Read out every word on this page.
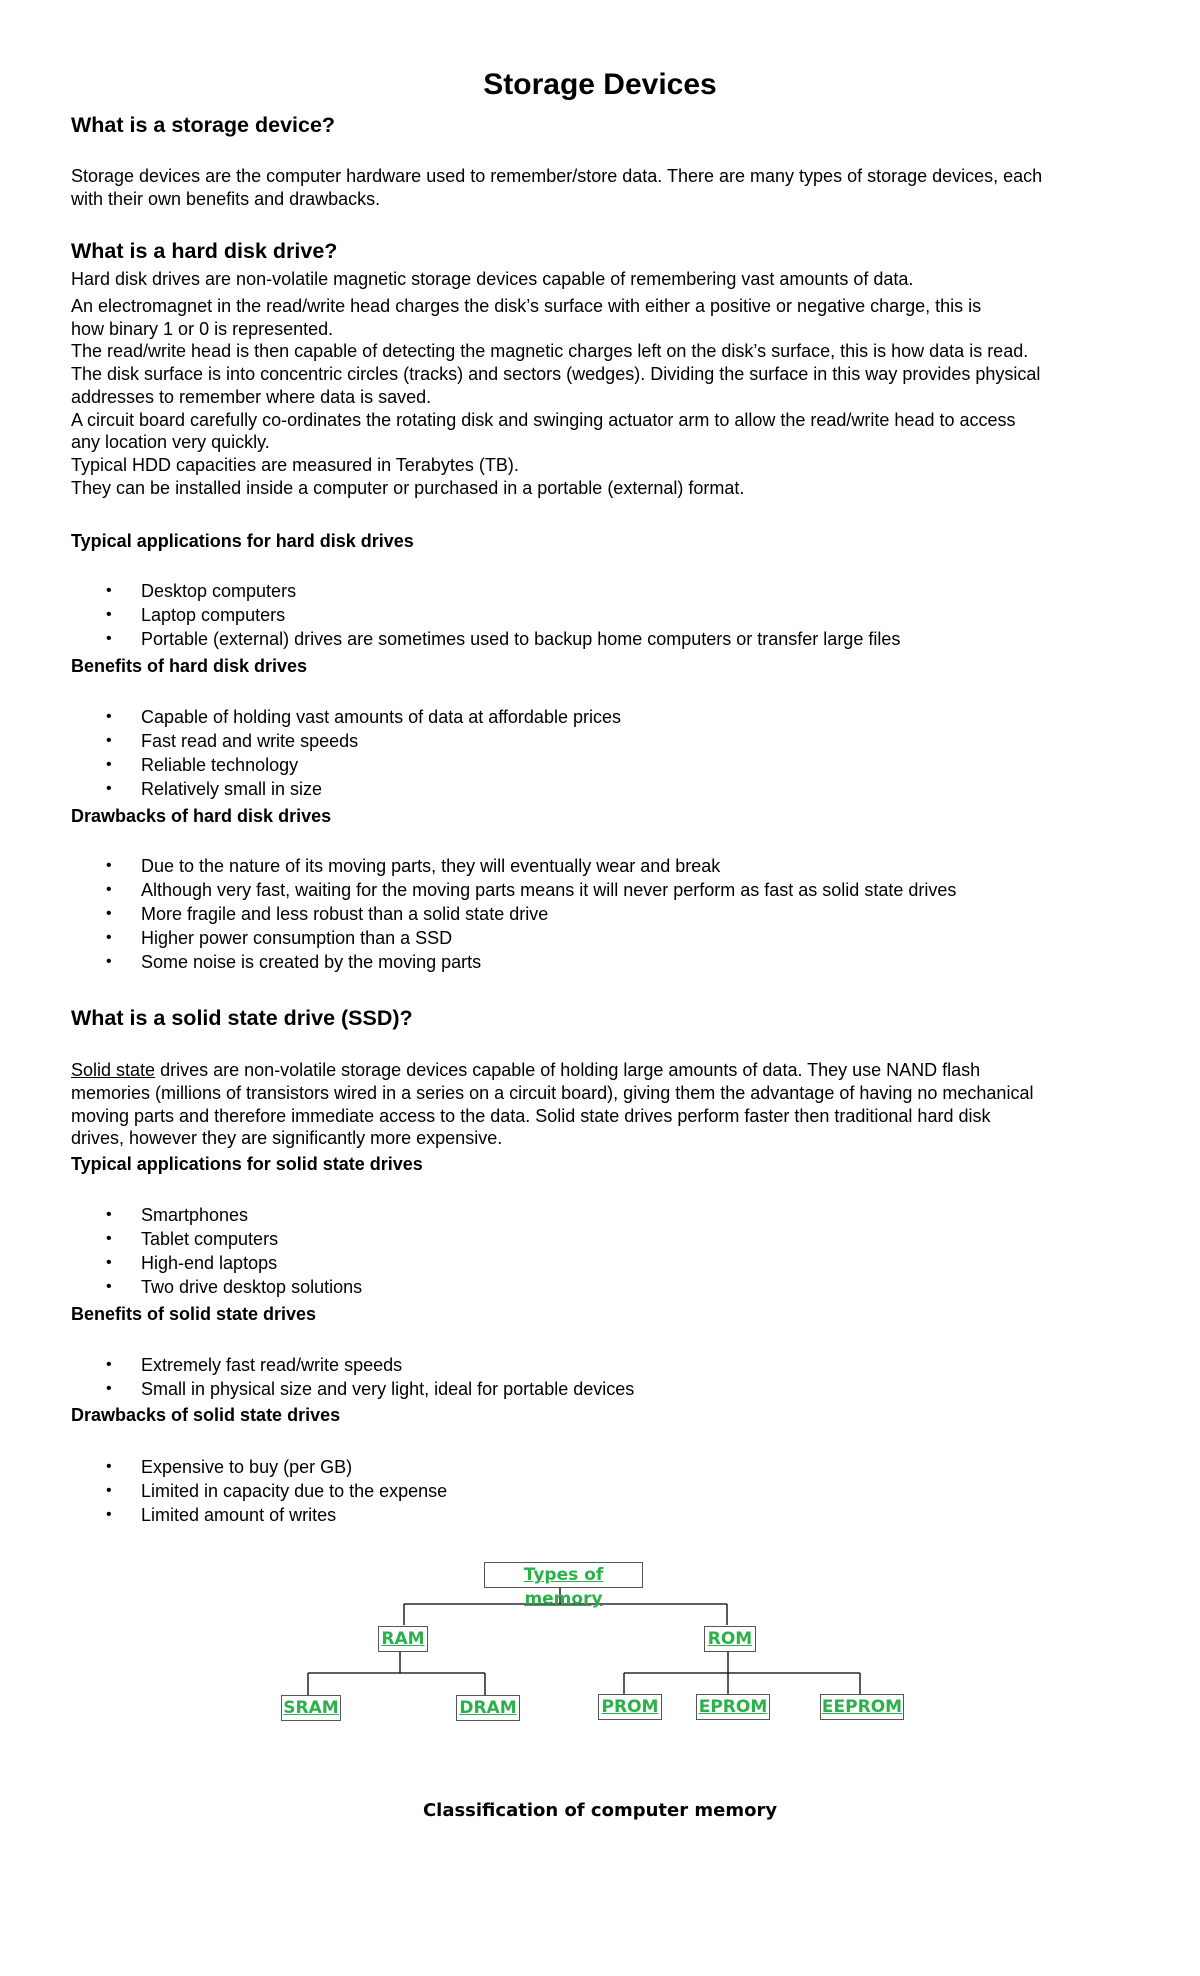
Storage Devices
What is a storage device?
Storage devices are the computer hardware used to remember/store data. There are many types of storage devices, each
with their own benefits and drawbacks.
What is a hard disk drive?
Hard disk drives are non-volatile magnetic storage devices capable of remembering vast amounts of data.
An electromagnet in the read/write head charges the disk’s surface with either a positive or negative charge, this is
how binary 1 or 0 is represented.
The read/write head is then capable of detecting the magnetic charges left on the disk’s surface, this is how data is read.
The disk surface is into concentric circles (tracks) and sectors (wedges). Dividing the surface in this way provides physical
addresses to remember where data is saved.
A circuit board carefully co-ordinates the rotating disk and swinging actuator arm to allow the read/write head to access
any location very quickly.
Typical HDD capacities are measured in Terabytes (TB).
They can be installed inside a computer or purchased in a portable (external) format.
Typical applications for hard disk drives
• Desktop computers
• Laptop computers
• Portable (external) drives are sometimes used to backup home computers or transfer large files
Benefits of hard disk drives
• Capable of holding vast amounts of data at affordable prices
• Fast read and write speeds
• Reliable technology
• Relatively small in size
Drawbacks of hard disk drives
• Due to the nature of its moving parts, they will eventually wear and break
• Although very fast, waiting for the moving parts means it will never perform as fast as solid state drives
• More fragile and less robust than a solid state drive
• Higher power consumption than a SSD
• Some noise is created by the moving parts
What is a solid state drive (SSD)?
Solid state drives are non-volatile storage devices capable of holding large amounts of data. They use NAND flash
memories (millions of transistors wired in a series on a circuit board), giving them the advantage of having no mechanical
moving parts and therefore immediate access to the data. Solid state drives perform faster then traditional hard disk
drives, however they are significantly more expensive.
Typical applications for solid state drives
• Smartphones
• Tablet computers
• High-end laptops
• Two drive desktop solutions
Benefits of solid state drives
• Extremely fast read/write speeds
• Small in physical size and very light, ideal for portable devices
Drawbacks of solid state drives
• Expensive to buy (per GB)
• Limited in capacity due to the expense
• Limited amount of writes
Types of memory
RAM	ROM
SRAM	DRAM	PROM EPROM	EEPROM
Classification of computer memory
